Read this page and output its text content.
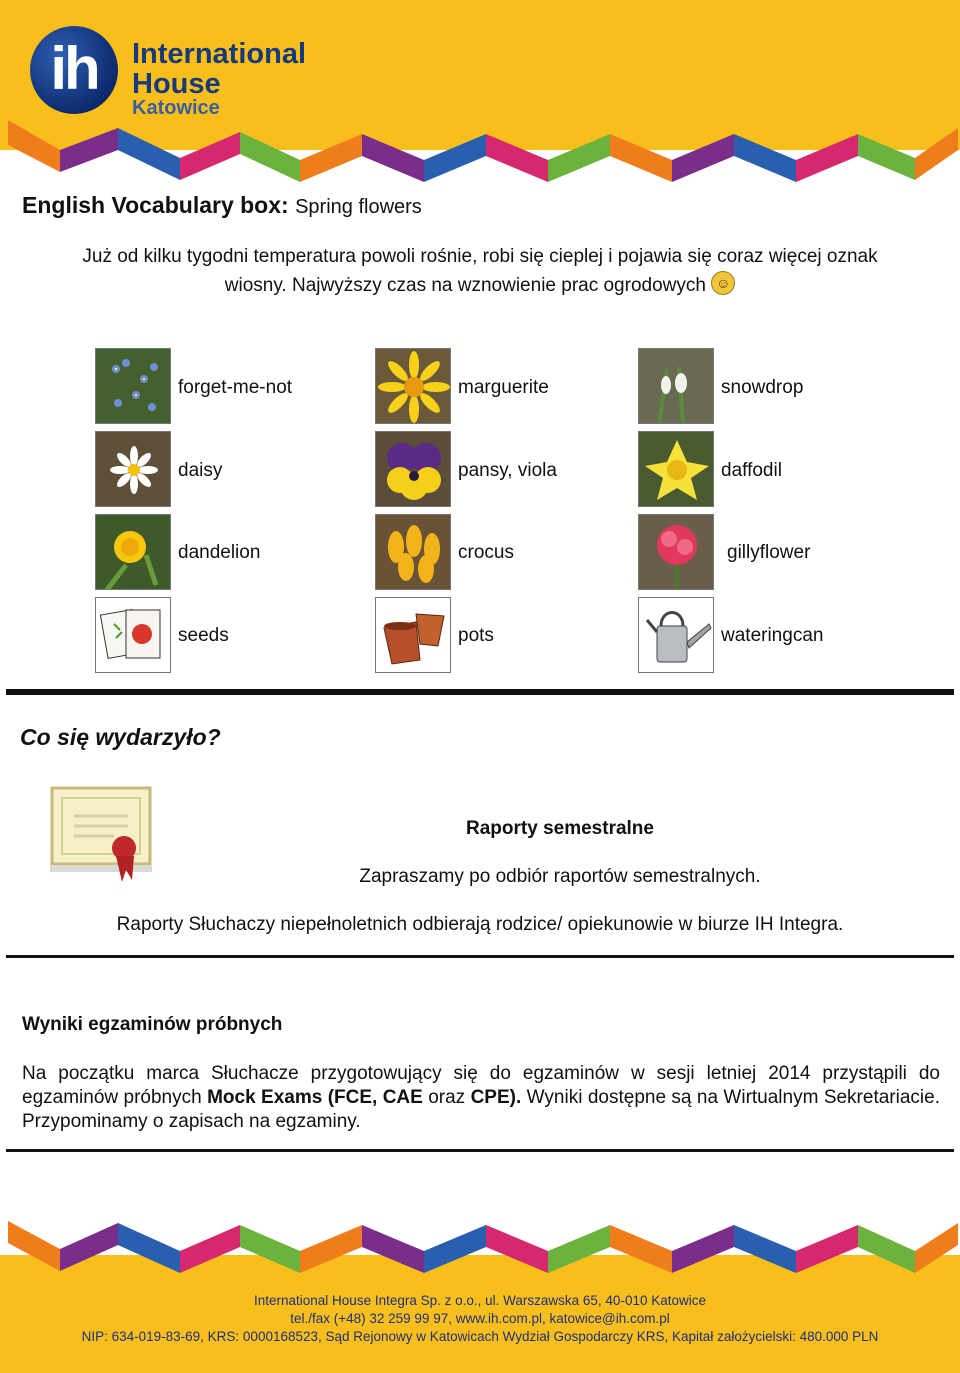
ih	International
House
Katowice
English Vocabulary box: Spring flowers
Już od kilku tygodni temperatura powoli rośnie, robi się cieplej i pojawia się coraz więcej oznak
wiosny. Najwyższy czas na wznowienie prac ogrodowych ☺
forget-me-not	marguerite	snowdrop
daisy	pansy, viola	daffodil
dandelion	crocus	gillyflower
seeds	pots	wateringcan
Co się wydarzyło?
Raporty semestralne
Zapraszamy po odbiór raportów semestralnych.
Raporty Słuchaczy niepełnoletnich odbierają rodzice/ opiekunowie w biurze IH Integra.
Wyniki egzaminów próbnych
Na początku marca Słuchacze przygotowujący się do egzaminów w sesji letniej 2014 przystąpili do egzaminów próbnych Mock Exams (FCE, CAE oraz CPE). Wyniki dostępne są na Wirtualnym Sekretariacie. Przypominamy o zapisach na egzaminy.
International House Integra Sp. z o.o., ul. Warszawska 65, 40-010 Katowice
tel./fax (+48) 32 259 99 97, www.ih.com.pl, katowice@ih.com.pl
NIP: 634-019-83-69, KRS: 0000168523, Sąd Rejonowy w Katowicach Wydział Gospodarczy KRS, Kapitał założycielski: 480.000 PLN
